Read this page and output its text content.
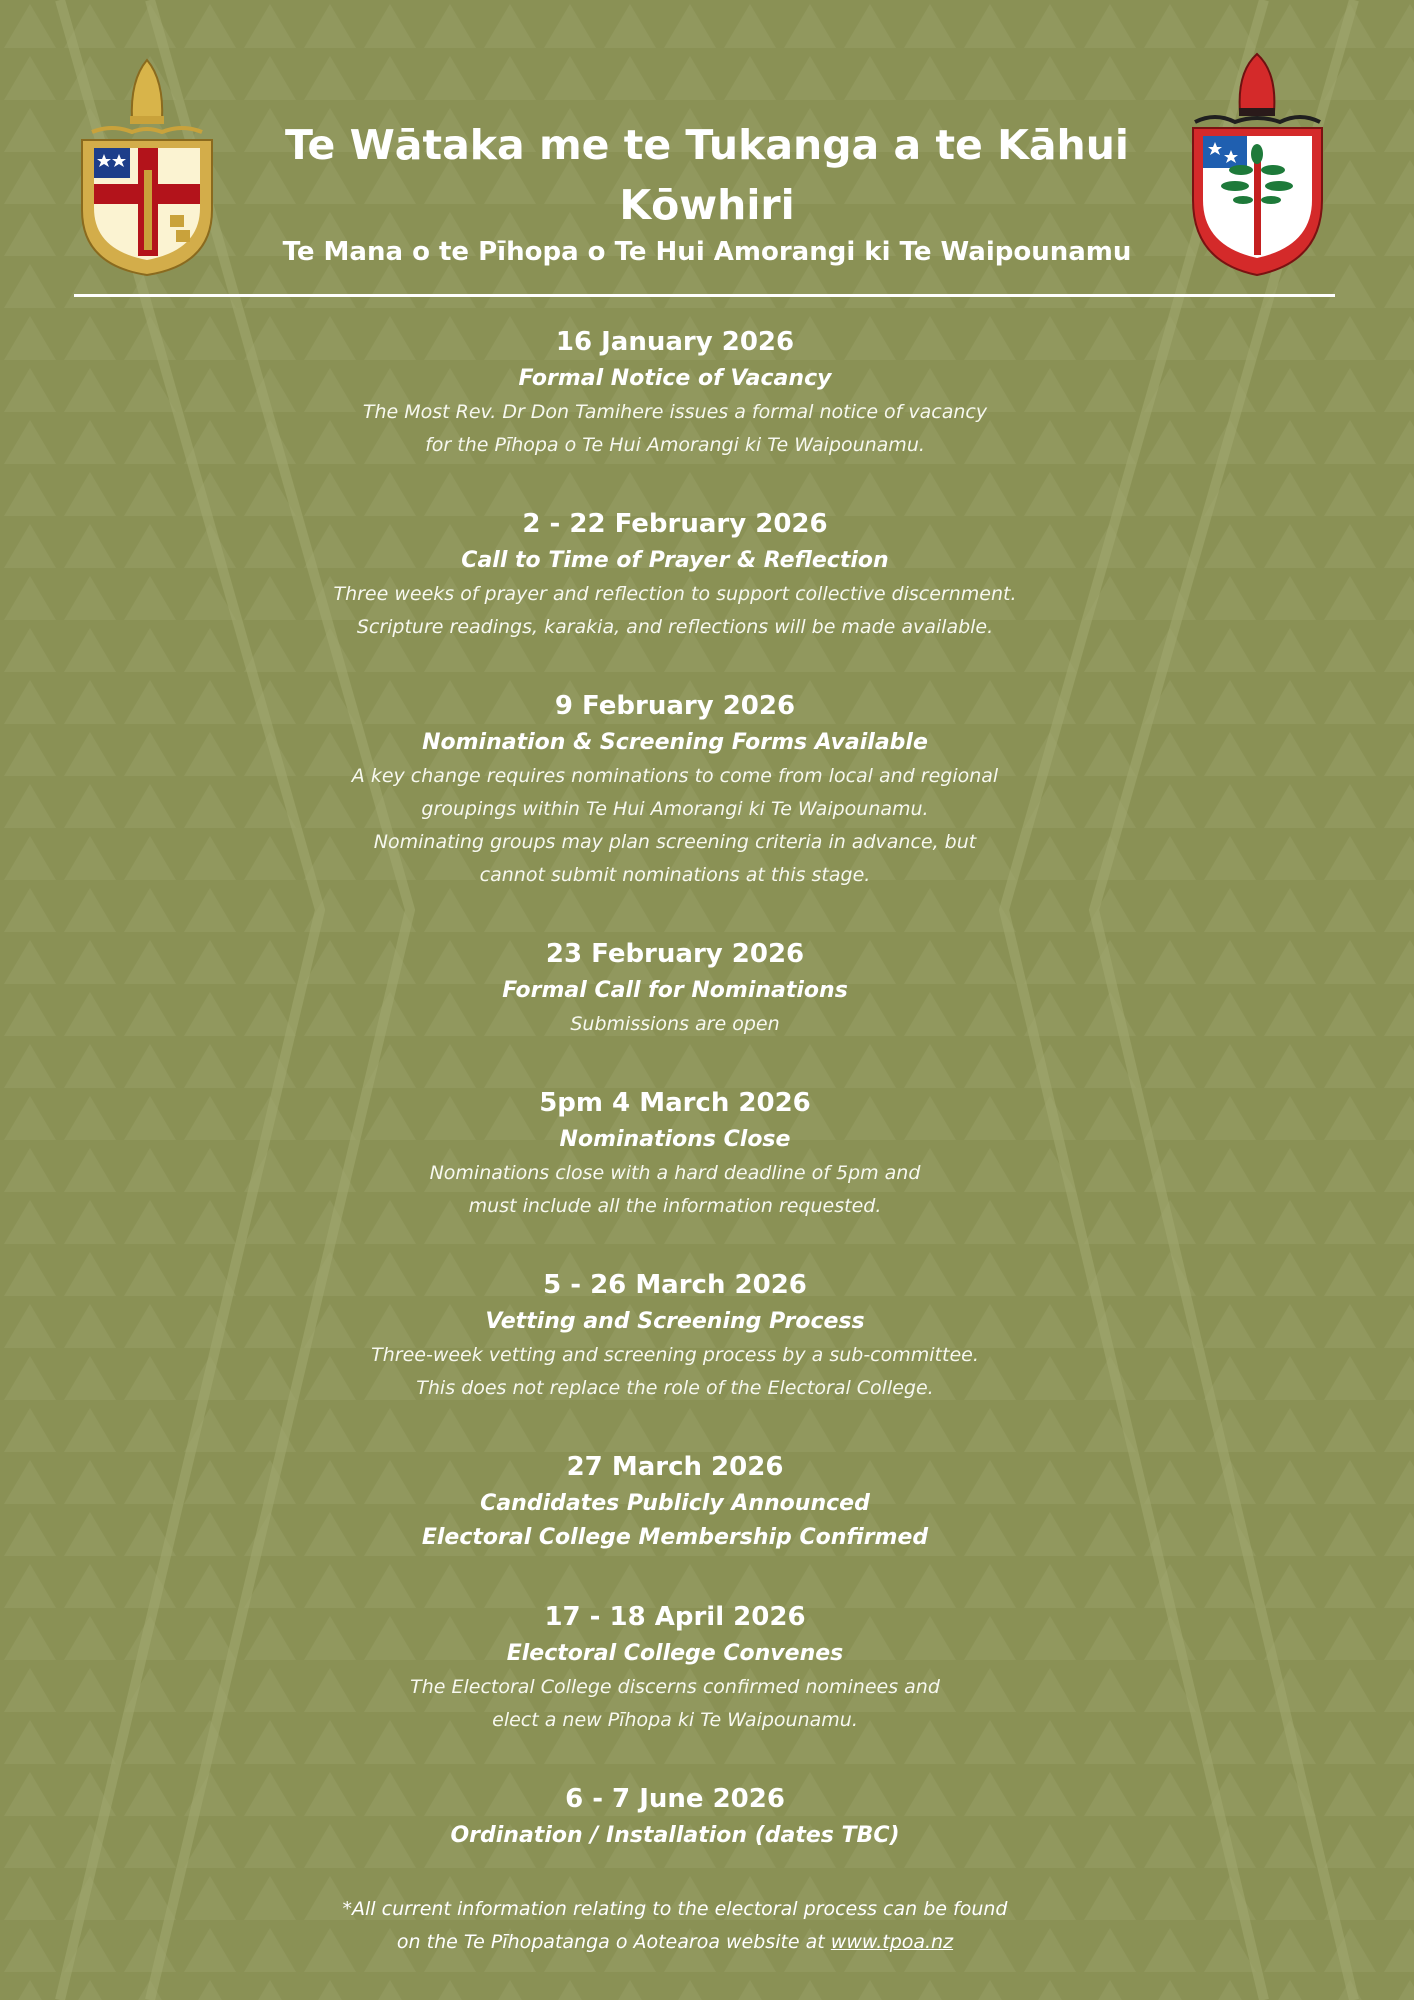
Te Wātaka me te Tukanga a te Kāhui Kōwhiri
Te Mana o te Pīhopa o Te Hui Amorangi ki Te Waipounamu
16 January 2026
Formal Notice of Vacancy
The Most Rev. Dr Don Tamihere issues a formal notice of vacancy
for the Pīhopa o Te Hui Amorangi ki Te Waipounamu.
2 - 22 February 2026
Call to Time of Prayer & Reflection
Three weeks of prayer and reflection to support collective discernment.
Scripture readings, karakia, and reflections will be made available.
9 February 2026
Nomination & Screening Forms Available
A key change requires nominations to come from local and regional
groupings within Te Hui Amorangi ki Te Waipounamu.
Nominating groups may plan screening criteria in advance, but
cannot submit nominations at this stage.
23 February 2026
Formal Call for Nominations
Submissions are open
5pm 4 March 2026
Nominations Close
Nominations close with a hard deadline of 5pm and
must include all the information requested.
5 - 26 March 2026
Vetting and Screening Process
Three-week vetting and screening process by a sub-committee.
This does not replace the role of the Electoral College.
27 March 2026
Candidates Publicly Announced
Electoral College Membership Confirmed
17 - 18 April 2026
Electoral College Convenes
The Electoral College discerns confirmed nominees and
elect a new Pīhopa ki Te Waipounamu.
6 - 7 June 2026
Ordination / Installation (dates TBC)
*All current information relating to the electoral process can be found
on the Te Pīhopatanga o Aotearoa website at www.tpoa.nz
